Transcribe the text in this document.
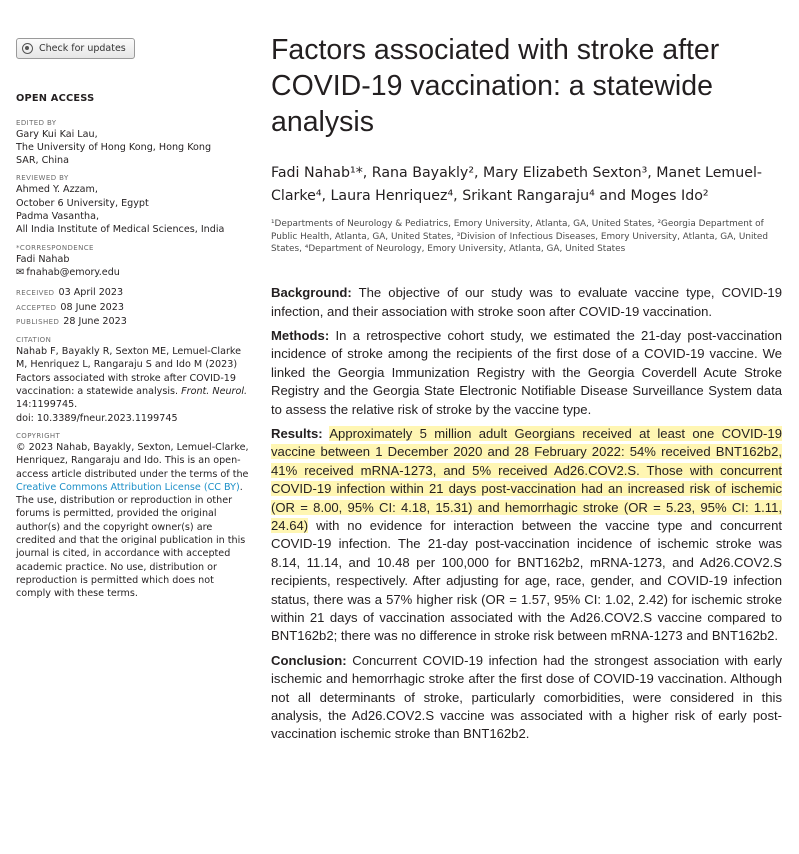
Check for updates
OPEN ACCESS
EDITED BY

Gary Kui Kai Lau,

The University of Hong Kong, Hong Kong

SAR, China

REVIEWED BY

Ahmed Y. Azzam,

October 6 University, Egypt

Padma Vasantha,

All India Institute of Medical Sciences, India

*CORRESPONDENCE

Fadi Nahab

✉ fnahab@emory.edu

RECEIVED 03 April 2023

ACCEPTED 08 June 2023

PUBLISHED 28 June 2023

CITATION

Nahab F, Bayakly R, Sexton ME, Lemuel-Clarke M, Henriquez L, Rangaraju S and Ido M (2023) Factors associated with stroke after COVID-19 vaccination: a statewide analysis. Front. Neurol. 14:1199745.

doi: 10.3389/fneur.2023.1199745

COPYRIGHT

© 2023 Nahab, Bayakly, Sexton, Lemuel-Clarke, Henriquez, Rangaraju and Ido. This is an open-access article distributed under the terms of the Creative Commons Attribution License (CC BY). The use, distribution or reproduction in other forums is permitted, provided the original author(s) and the copyright owner(s) are credited and that the original publication in this journal is cited, in accordance with accepted academic practice. No use, distribution or reproduction is permitted which does not comply with these terms.

Factors associated with stroke after COVID-19 vaccination: a statewide analysis
Fadi Nahab¹*, Rana Bayakly², Mary Elizabeth Sexton³, Manet Lemuel-Clarke⁴, Laura Henriquez⁴, Srikant Rangaraju⁴ and Moges Ido²
¹Departments of Neurology & Pediatrics, Emory University, Atlanta, GA, United States, ²Georgia Department of Public Health, Atlanta, GA, United States, ³Division of Infectious Diseases, Emory University, Atlanta, GA, United States, ⁴Department of Neurology, Emory University, Atlanta, GA, United States

Background: The objective of our study was to evaluate vaccine type, COVID-19 infection, and their association with stroke soon after COVID-19 vaccination.

Methods: In a retrospective cohort study, we estimated the 21-day post-vaccination incidence of stroke among the recipients of the first dose of a COVID-19 vaccine. We linked the Georgia Immunization Registry with the Georgia Coverdell Acute Stroke Registry and the Georgia State Electronic Notifiable Disease Surveillance System data to assess the relative risk of stroke by the vaccine type.

Results: Approximately 5 million adult Georgians received at least one COVID-19 vaccine between 1 December 2020 and 28 February 2022: 54% received BNT162b2, 41% received mRNA-1273, and 5% received Ad26.COV2.S. Those with concurrent COVID-19 infection within 21 days post-vaccination had an increased risk of ischemic (OR = 8.00, 95% CI: 4.18, 15.31) and hemorrhagic stroke (OR = 5.23, 95% CI: 1.11, 24.64) with no evidence for interaction between the vaccine type and concurrent COVID-19 infection. The 21-day post-vaccination incidence of ischemic stroke was 8.14, 11.14, and 10.48 per 100,000 for BNT162b2, mRNA-1273, and Ad26.COV2.S recipients, respectively. After adjusting for age, race, gender, and COVID-19 infection status, there was a 57% higher risk (OR = 1.57, 95% CI: 1.02, 2.42) for ischemic stroke within 21 days of vaccination associated with the Ad26.COV2.S vaccine compared to BNT162b2; there was no difference in stroke risk between mRNA-1273 and BNT162b2.

Conclusion: Concurrent COVID-19 infection had the strongest association with early ischemic and hemorrhagic stroke after the first dose of COVID-19 vaccination. Although not all determinants of stroke, particularly comorbidities, were considered in this analysis, the Ad26.COV2.S vaccine was associated with a higher risk of early post-vaccination ischemic stroke than BNT162b2.
